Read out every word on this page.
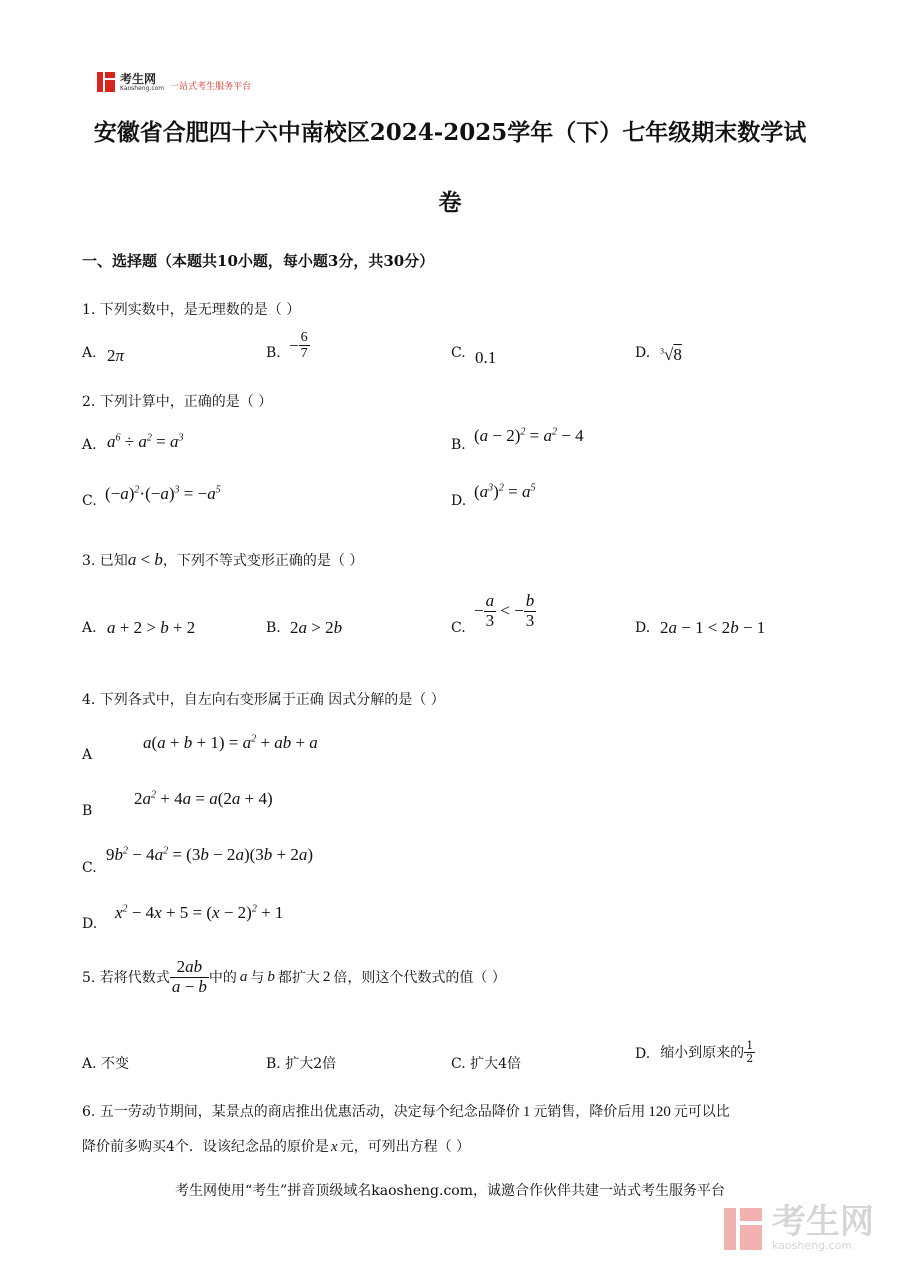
考生网
Kaosheng.com 一站式考生服务平台
安徽省合肥四十六中南校区2024-2025学年（下）七年级期末数学试
卷
一、选择题（本题共10小题，每小题3分，共30分）
1. 下列实数中，是无理数的是（ ）
A. 2π	B. − $\frac{6}{7}$	C. 0.1	D. $^3$√8
2. 下列计算中，正确的是（ ）
A. $a^6 \div a^2 = a^3$	B. $(a - 2)^2 = a^2 - 4$
C. $(-a)^2\cdot(-a)^3 = -a^5$
D. $(a^3)^2 = a^5$
3. 已知a < b，下列不等式变形正确的是（ ）
A. a + 2 > b + 2	B. 2a > 2b	C.
− $\frac{a}{3}$ < − $\frac{b}{3}$	D. 2a − 1 < 2b − 1
4. 下列各式中，自左向右变形属于正确 因式分解的是（ ）
A
$a(a + b + 1) = a^2$ + ab + a
B
$2a^2 + 4a = a(2a + 4)$
C.
$9b^2 - 4a^2 = (3b - 2a)(3b + 2a)$
D.
$x^2 - 4x + 5 = (x - 2)^2 + 1$
5. 若将代数式 $\frac{2ab}{a - b}$ 中的 a 与 b 都扩大 2 倍，则这个代数式的值（ ）
A. 不变	B. 扩大2倍	C. 扩大4倍
D. 缩小到原来的 $\frac{1}{2}$
6. 五一劳动节期间，某景点的商店推出优惠活动，决定每个纪念品降价 1 元销售，降价后用 120 元可以比
降价前多购买4个．设该纪念品的原价是 x 元，可列出方程（ ）
考生网使用“考生”拼音顶级域名kaosheng.com，诚邀合作伙伴共建一站式考生服务平台
考生网
kaosheng.com
